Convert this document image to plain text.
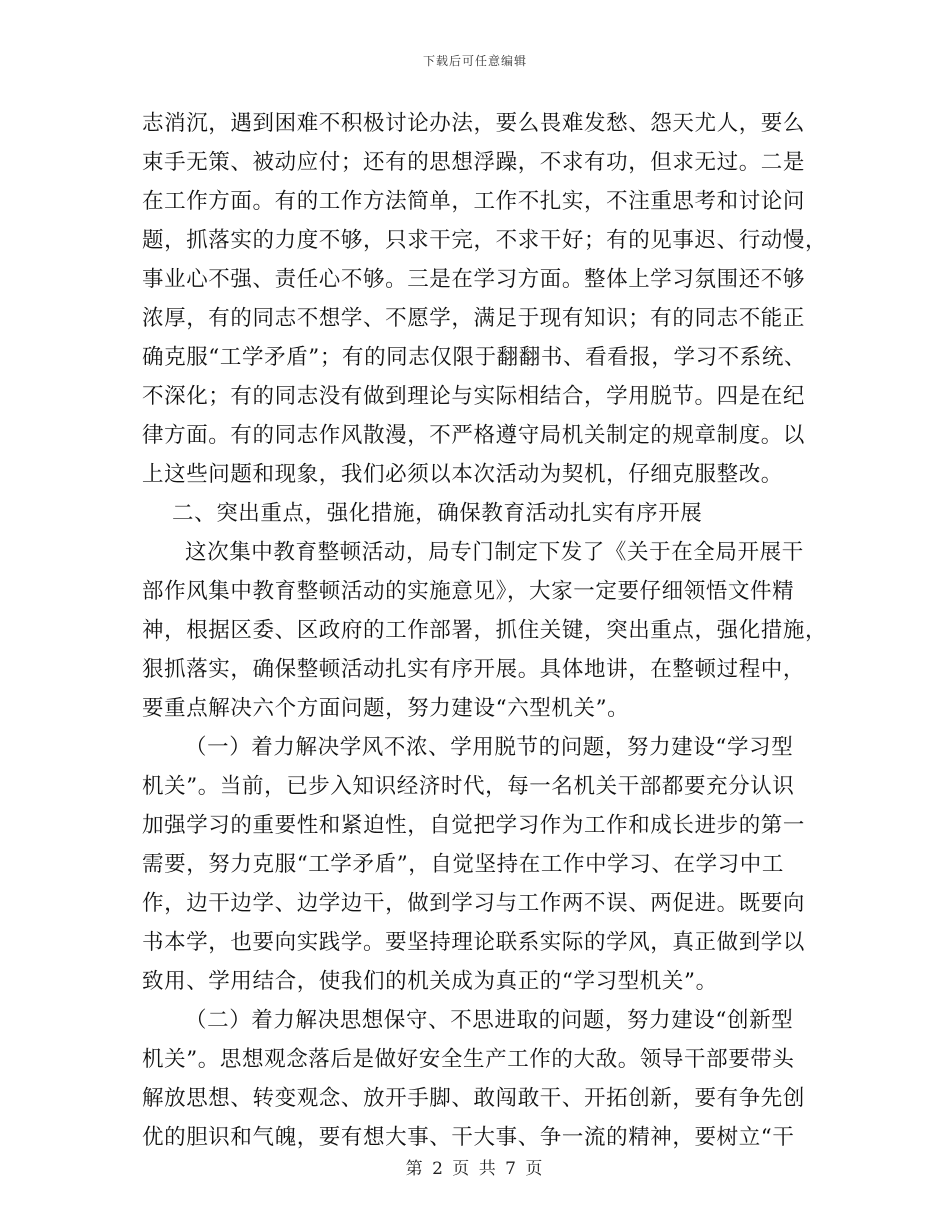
下载后可任意编辑
志消沉，遇到困难不积极讨论办法，要么畏难发愁、怨天尤人，要么
束手无策、被动应付；还有的思想浮躁，不求有功，但求无过。二是
在工作方面。有的工作方法简单，工作不扎实，不注重思考和讨论问
题，抓落实的力度不够，只求干完，不求干好；有的见事迟、行动慢，
事业心不强、责任心不够。三是在学习方面。整体上学习氛围还不够
浓厚，有的同志不想学、不愿学，满足于现有知识；有的同志不能正
确克服“工学矛盾”；有的同志仅限于翻翻书、看看报，学习不系统、
不深化；有的同志没有做到理论与实际相结合，学用脱节。四是在纪
律方面。有的同志作风散漫，不严格遵守局机关制定的规章制度。以
上这些问题和现象，我们必须以本次活动为契机，仔细克服整改。
二、突出重点，强化措施，确保教育活动扎实有序开展
这次集中教育整顿活动，局专门制定下发了《关于在全局开展干
部作风集中教育整顿活动的实施意见》，大家一定要仔细领悟文件精
神，根据区委、区政府的工作部署，抓住关键，突出重点，强化措施，
狠抓落实，确保整顿活动扎实有序开展。具体地讲，在整顿过程中，
要重点解决六个方面问题，努力建设“六型机关”。
（一）着力解决学风不浓、学用脱节的问题，努力建设“学习型
机关”。当前，已步入知识经济时代，每一名机关干部都要充分认识
加强学习的重要性和紧迫性，自觉把学习作为工作和成长进步的第一
需要，努力克服“工学矛盾”，自觉坚持在工作中学习、在学习中工
作，边干边学、边学边干，做到学习与工作两不误、两促进。既要向
书本学，也要向实践学。要坚持理论联系实际的学风，真正做到学以
致用、学用结合，使我们的机关成为真正的“学习型机关”。
（二）着力解决思想保守、不思进取的问题，努力建设“创新型
机关”。思想观念落后是做好安全生产工作的大敌。领导干部要带头
解放思想、转变观念、放开手脚、敢闯敢干、开拓创新，要有争先创
优的胆识和气魄，要有想大事、干大事、争一流的精神，要树立“干
第 2 页 共 7 页
